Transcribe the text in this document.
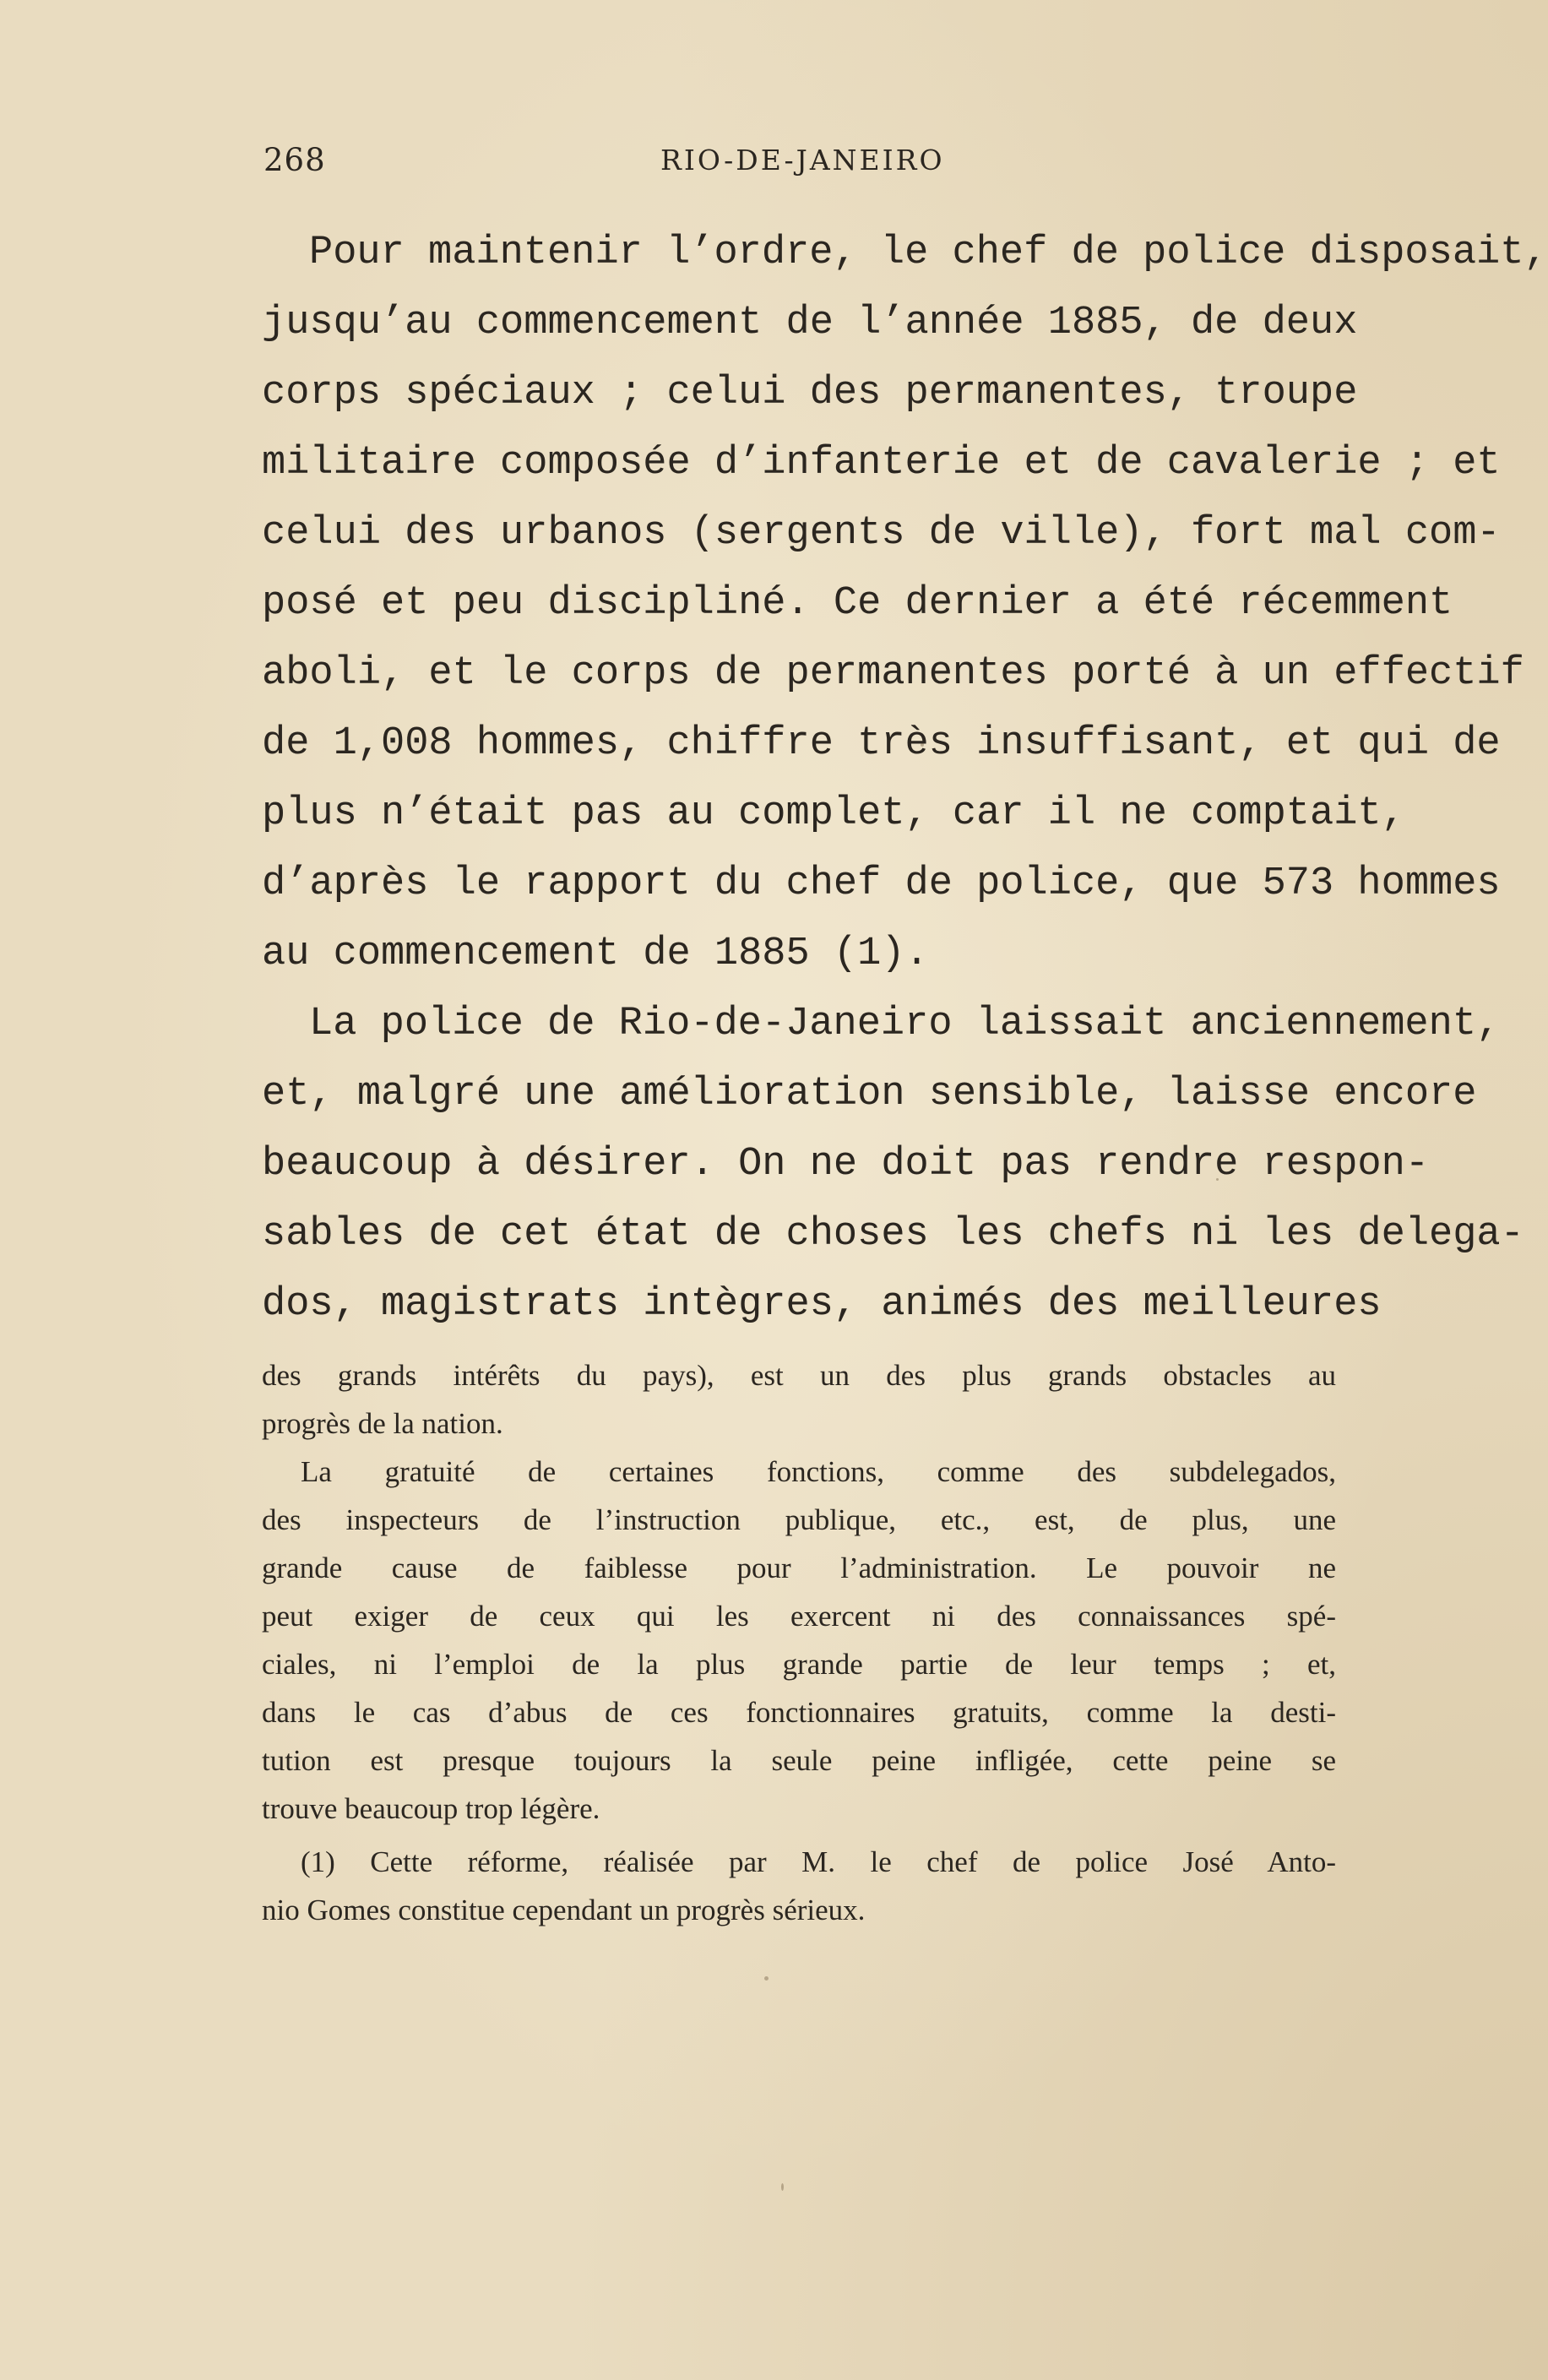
268	RIO-DE-JANEIRO
Pour maintenir l’ordre, le chef de police disposait,
jusqu’au commencement de l’année 1885, de deux
corps spéciaux ; celui des permanentes, troupe
militaire composée d’infanterie et de cavalerie ; et
celui des urbanos (sergents de ville), fort mal com-
posé et peu discipliné. Ce dernier a été récemment
aboli, et le corps de permanentes porté à un effectif
de 1,008 hommes, chiffre très insuffisant, et qui de
plus n’était pas au complet, car il ne comptait,
d’après le rapport du chef de police, que 573 hommes
au commencement de 1885 (1).
La police de Rio-de-Janeiro laissait anciennement,
et, malgré une amélioration sensible, laisse encore
beaucoup à désirer. On ne doit pas rendre respon-
sables de cet état de choses les chefs ni les delega-
dos, magistrats intègres, animés des meilleures
des grands intérêts du pays), est un des plus grands obstacles au
progrès de la nation.
La gratuité de certaines fonctions, comme des subdelegados,
des inspecteurs de l’instruction publique, etc., est, de plus, une
grande cause de faiblesse pour l’administration. Le pouvoir ne
peut exiger de ceux qui les exercent ni des connaissances spé-
ciales, ni l’emploi de la plus grande partie de leur temps ; et,
dans le cas d’abus de ces fonctionnaires gratuits, comme la desti-
tution est presque toujours la seule peine infligée, cette peine se
trouve beaucoup trop légère.
(1) Cette réforme, réalisée par M. le chef de police José Anto-
nio Gomes constitue cependant un progrès sérieux.
